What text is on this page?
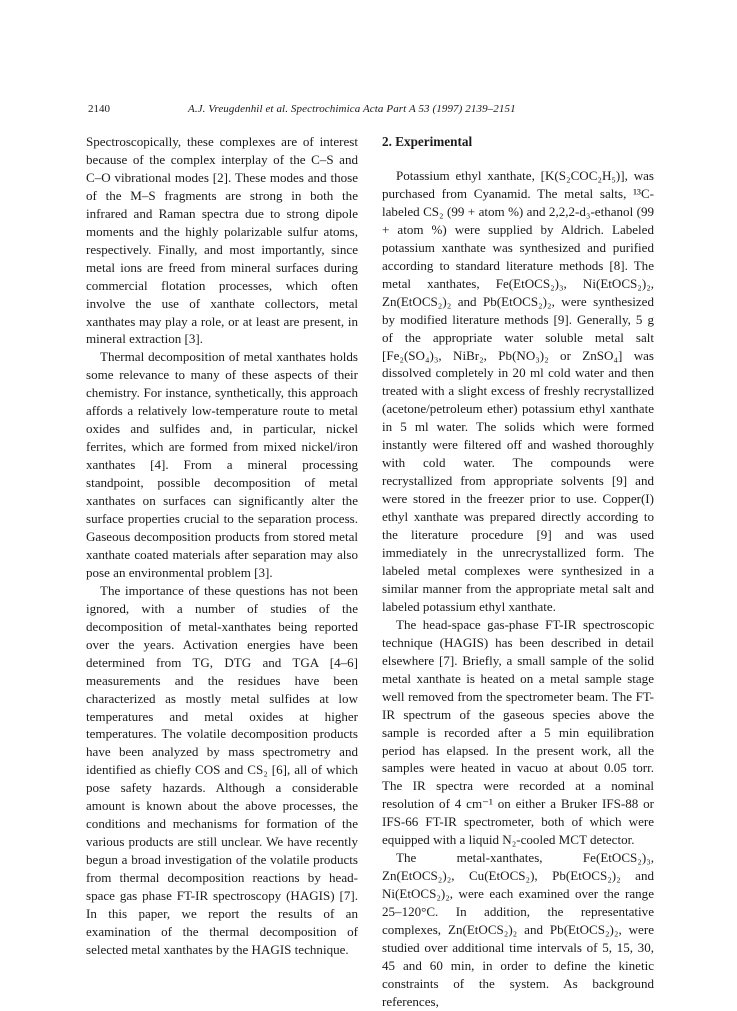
2140	A.J. Vreugdenhil et al. Spectrochimica Acta Part A 53 (1997) 2139–2151

Spectroscopically, these complexes are of interest because of the complex interplay of the C–S and C–O vibrational modes [2]. These modes and those of the M–S fragments are strong in both the infrared and Raman spectra due to strong dipole moments and the highly polarizable sulfur atoms, respectively. Finally, and most importantly, since metal ions are freed from mineral surfaces during commercial flotation processes, which often involve the use of xanthate collectors, metal xanthates may play a role, or at least are present, in mineral extraction [3].

Thermal decomposition of metal xanthates holds some relevance to many of these aspects of their chemistry. For instance, synthetically, this approach affords a relatively low-temperature route to metal oxides and sulfides and, in particular, nickel ferrites, which are formed from mixed nickel/iron xanthates [4]. From a mineral processing standpoint, possible decomposition of metal xanthates on surfaces can significantly alter the surface properties crucial to the separation process. Gaseous decomposition products from stored metal xanthate coated materials after separation may also pose an environmental problem [3].

The importance of these questions has not been ignored, with a number of studies of the decomposition of metal-xanthates being reported over the years. Activation energies have been determined from TG, DTG and TGA [4–6] measurements and the residues have been characterized as mostly metal sulfides at low temperatures and metal oxides at higher temperatures. The volatile decomposition products have been analyzed by mass spectrometry and identified as chiefly COS and CS₂ [6], all of which pose safety hazards. Although a considerable amount is known about the above processes, the conditions and mechanisms for formation of the various products are still unclear. We have recently begun a broad investigation of the volatile products from thermal decomposition reactions by head-space gas phase FT-IR spectroscopy (HAGIS) [7]. In this paper, we report the results of an examination of the thermal decomposition of selected metal xanthates by the HAGIS technique.

2. Experimental

Potassium ethyl xanthate, [K(S₂COC₂H₅)], was purchased from Cyanamid. The metal salts, ¹³C-labeled CS₂ (99 + atom %) and 2,2,2-d₃-ethanol (99 + atom %) were supplied by Aldrich. Labeled potassium xanthate was synthesized and purified according to standard literature methods [8]. The metal xanthates, Fe(EtOCS₂)₃, Ni(EtOCS₂)₂, Zn(EtOCS₂)₂ and Pb(EtOCS₂)₂, were synthesized by modified literature methods [9]. Generally, 5 g of the appropriate water soluble metal salt [Fe₂(SO₄)₃, NiBr₂, Pb(NO₃)₂ or ZnSO₄] was dissolved completely in 20 ml cold water and then treated with a slight excess of freshly recrystallized (acetone/petroleum ether) potassium ethyl xanthate in 5 ml water. The solids which were formed instantly were filtered off and washed thoroughly with cold water. The compounds were recrystallized from appropriate solvents [9] and were stored in the freezer prior to use. Copper(I) ethyl xanthate was prepared directly according to the literature procedure [9] and was used immediately in the unrecrystallized form. The labeled metal complexes were synthesized in a similar manner from the appropriate metal salt and labeled potassium ethyl xanthate.

The head-space gas-phase FT-IR spectroscopic technique (HAGIS) has been described in detail elsewhere [7]. Briefly, a small sample of the solid metal xanthate is heated on a metal sample stage well removed from the spectrometer beam. The FT-IR spectrum of the gaseous species above the sample is recorded after a 5 min equilibration period has elapsed. In the present work, all the samples were heated in vacuo at about 0.05 torr. The IR spectra were recorded at a nominal resolution of 4 cm⁻¹ on either a Bruker IFS-88 or IFS-66 FT-IR spectrometer, both of which were equipped with a liquid N₂-cooled MCT detector.

The metal-xanthates, Fe(EtOCS₂)₃, Zn(EtOCS₂)₂, Cu(EtOCS₂), Pb(EtOCS₂)₂ and Ni(EtOCS₂)₂, were each examined over the range 25–120°C. In addition, the representative complexes, Zn(EtOCS₂)₂ and Pb(EtOCS₂)₂, were studied over additional time intervals of 5, 15, 30, 45 and 60 min, in order to define the kinetic constraints of the system. As background references,
